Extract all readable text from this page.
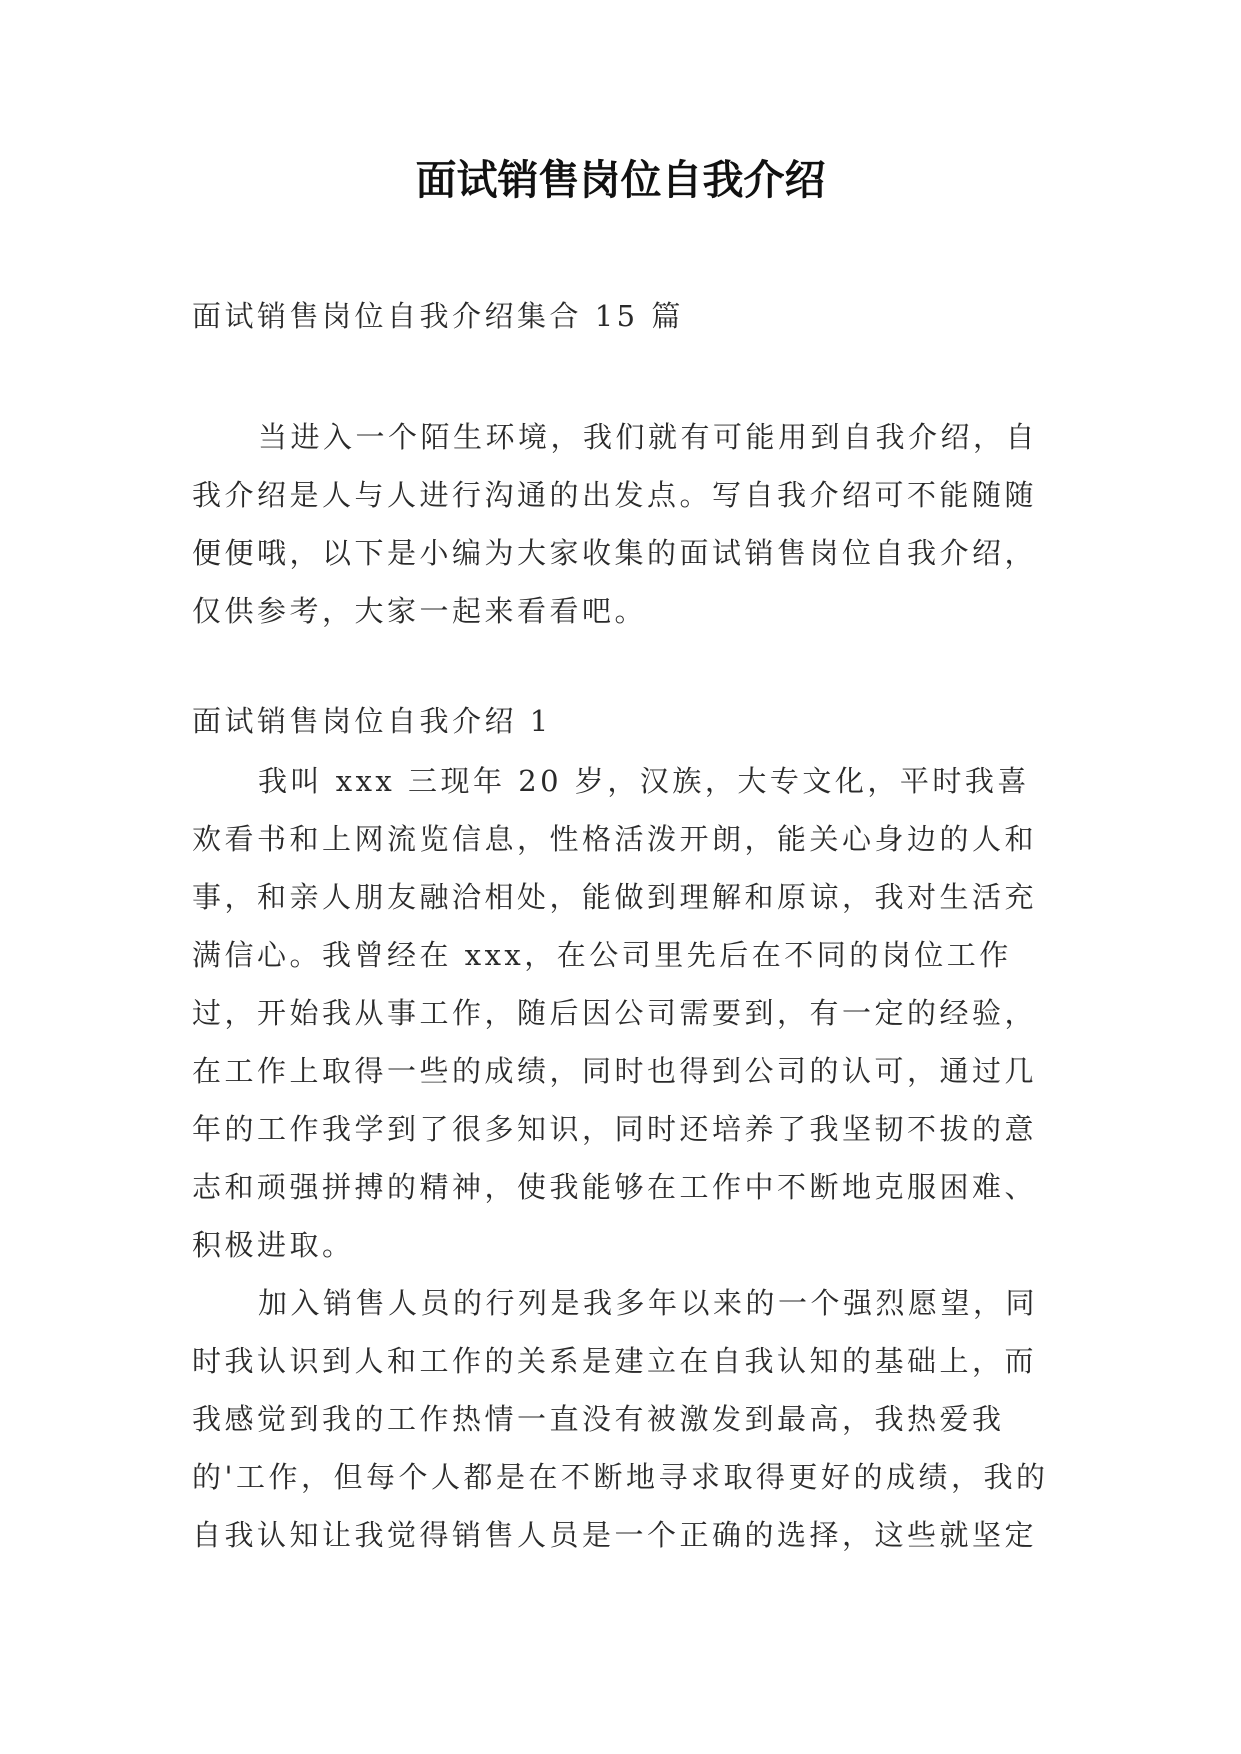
面试销售岗位自我介绍

面试销售岗位自我介绍集合 15 篇

当进入一个陌生环境，我们就有可能用到自我介绍，自我介绍是人与人进行沟通的出发点。写自我介绍可不能随随便便哦，以下是小编为大家收集的面试销售岗位自我介绍，仅供参考，大家一起来看看吧。

面试销售岗位自我介绍 1

我叫 xxx 三现年 20 岁，汉族，大专文化，平时我喜欢看书和上网流览信息，性格活泼开朗，能关心身边的人和事，和亲人朋友融洽相处，能做到理解和原谅，我对生活充满信心。我曾经在 xxx，在公司里先后在不同的岗位工作过，开始我从事工作，随后因公司需要到，有一定的经验，在工作上取得一些的成绩，同时也得到公司的认可，通过几年的工作我学到了很多知识，同时还培养了我坚韧不拔的意志和顽强拼搏的精神，使我能够在工作中不断地克服困难、积极进取。

加入销售人员的行列是我多年以来的一个强烈愿望，同时我认识到人和工作的关系是建立在自我认知的基础上，而我感觉到我的工作热情一直没有被激发到最高，我热爱我的'工作，但每个人都是在不断地寻求取得更好的成绩，我的自我认知让我觉得销售人员是一个正确的选择，这些就坚定
